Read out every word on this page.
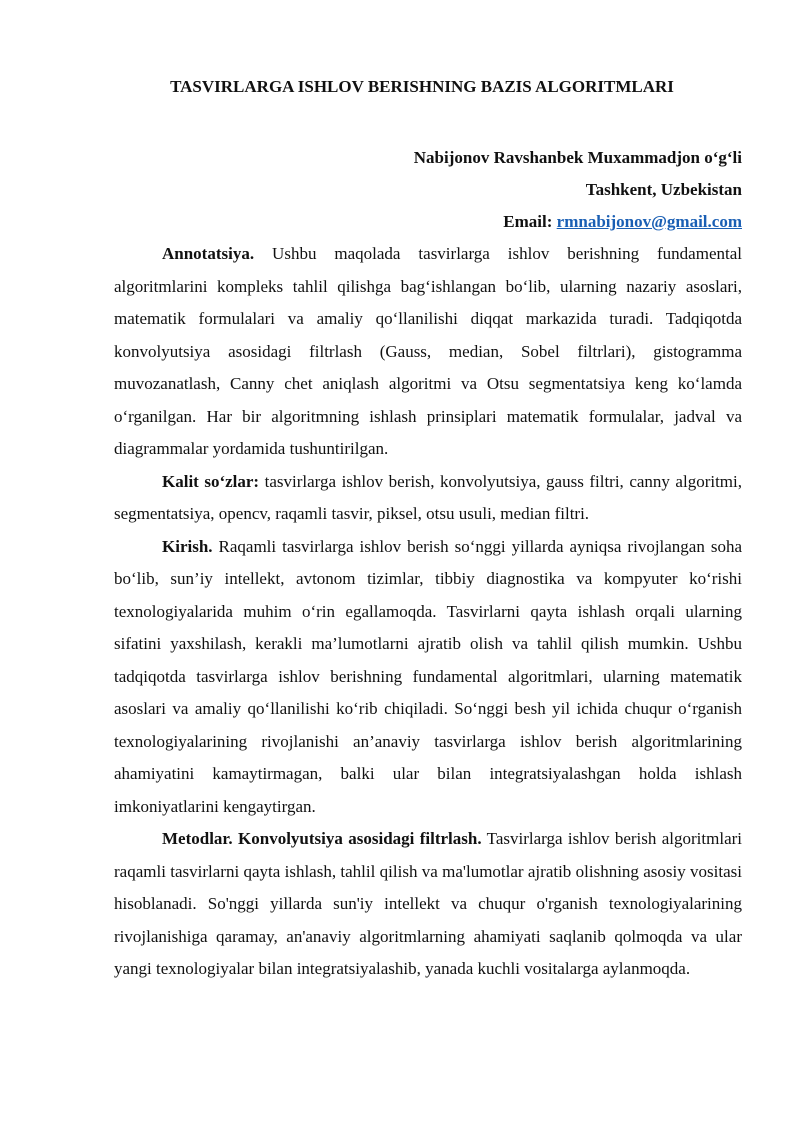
TASVIRLARGA ISHLOV BERISHNING BAZIS ALGORITMLARI
Nabijonov Ravshanbek Muxammadjon o‘g‘li
Tashkent, Uzbekistan
Email: rmnabijonov@gmail.com

Annotatsiya. Ushbu maqolada tasvirlarga ishlov berishning fundamental algoritmlarini kompleks tahlil qilishga bag‘ishlangan bo‘lib, ularning nazariy asoslari, matematik formulalari va amaliy qo‘llanilishi diqqat markazida turadi. Tadqiqotda konvolyutsiya asosidagi filtrlash (Gauss, median, Sobel filtrlari), gistogramma muvozanatlash, Canny chet aniqlash algoritmi va Otsu segmentatsiya keng ko‘lamda o‘rganilgan. Har bir algoritmning ishlash prinsiplari matematik formulalar, jadval va diagrammalar yordamida tushuntirilgan.

Kalit so‘zlar: tasvirlarga ishlov berish, konvolyutsiya, gauss filtri, canny algoritmi, segmentatsiya, opencv, raqamli tasvir, piksel, otsu usuli, median filtri.

Kirish. Raqamli tasvirlarga ishlov berish so‘nggi yillarda ayniqsa rivojlangan soha bo‘lib, sun’iy intellekt, avtonom tizimlar, tibbiy diagnostika va kompyuter ko‘rishi texnologiyalarida muhim o‘rin egallamoqda. Tasvirlarni qayta ishlash orqali ularning sifatini yaxshilash, kerakli ma’lumotlarni ajratib olish va tahlil qilish mumkin. Ushbu tadqiqotda tasvirlarga ishlov berishning fundamental algoritmlari, ularning matematik asoslari va amaliy qo‘llanilishi ko‘rib chiqiladi. So‘nggi besh yil ichida chuqur o‘rganish texnologiyalarining rivojlanishi an’anaviy tasvirlarga ishlov berish algoritmlarining ahamiyatini kamaytirmagan, balki ular bilan integratsiyalashgan holda ishlash imkoniyatlarini kengaytirgan.

Metodlar. Konvolyutsiya asosidagi filtrlash. Tasvirlarga ishlov berish algoritmlari raqamli tasvirlarni qayta ishlash, tahlil qilish va ma'lumotlar ajratib olishning asosiy vositasi hisoblanadi. So'nggi yillarda sun'iy intellekt va chuqur o'rganish texnologiyalarining rivojlanishiga qaramay, an'anaviy algoritmlarning ahamiyati saqlanib qolmoqda va ular yangi texnologiyalar bilan integratsiyalashib, yanada kuchli vositalarga aylanmoqda.
